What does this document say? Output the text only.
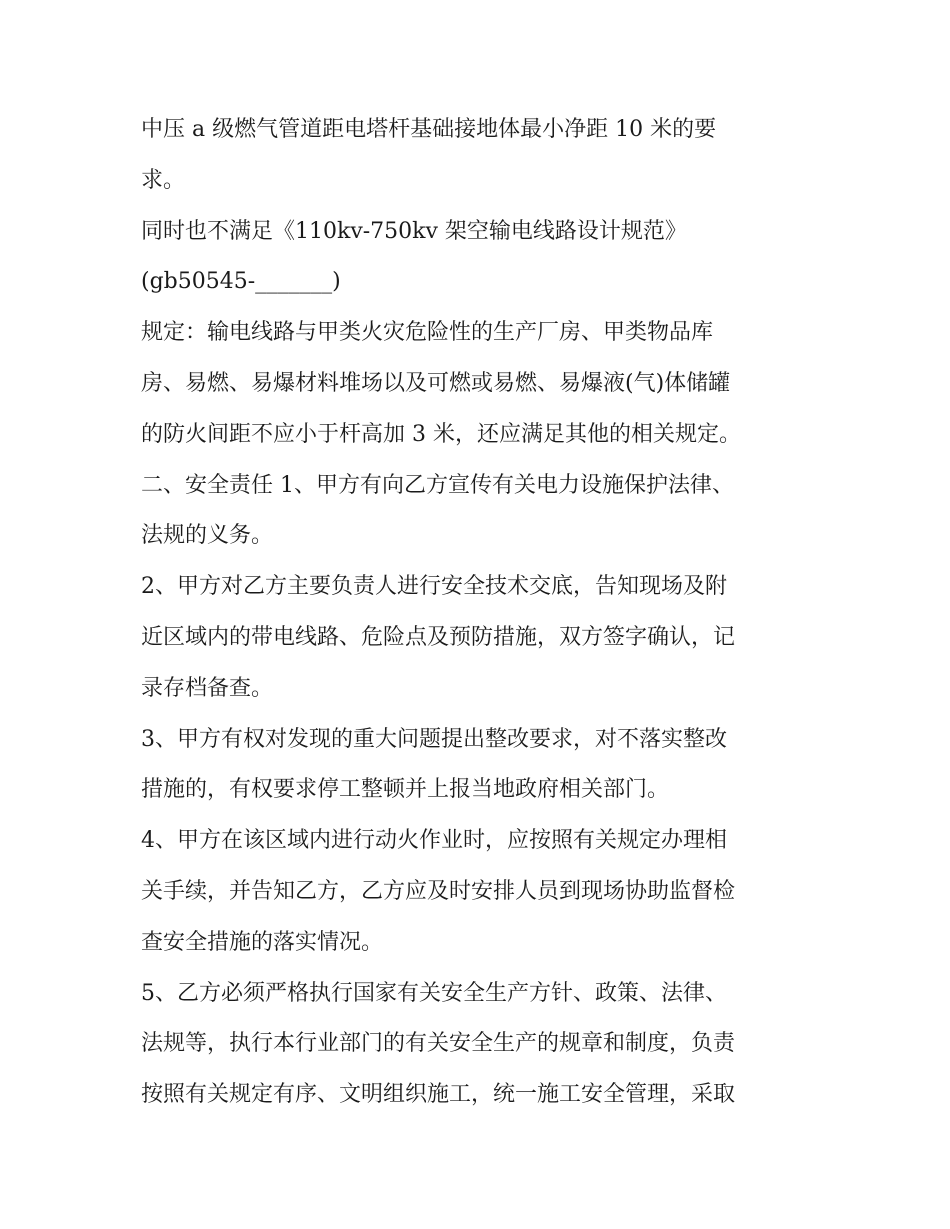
中压 a 级燃气管道距电塔杆基础接地体最小净距 10 米的要
求。
同时也不满足《110kv-750kv 架空输电线路设计规范》
(gb50545-_______)
规定：输电线路与甲类火灾危险性的生产厂房、甲类物品库
房、易燃、易爆材料堆场以及可燃或易燃、易爆液(气)体储罐
的防火间距不应小于杆高加 3 米，还应满足其他的相关规定。
二、安全责任 1、甲方有向乙方宣传有关电力设施保护法律、
法规的义务。
2、甲方对乙方主要负责人进行安全技术交底，告知现场及附
近区域内的带电线路、危险点及预防措施，双方签字确认，记
录存档备查。
3、甲方有权对发现的重大问题提出整改要求，对不落实整改
措施的，有权要求停工整顿并上报当地政府相关部门。
4、甲方在该区域内进行动火作业时，应按照有关规定办理相
关手续，并告知乙方，乙方应及时安排人员到现场协助监督检
查安全措施的落实情况。
5、乙方必须严格执行国家有关安全生产方针、政策、法律、
法规等，执行本行业部门的有关安全生产的规章和制度，负责
按照有关规定有序、文明组织施工，统一施工安全管理，采取
